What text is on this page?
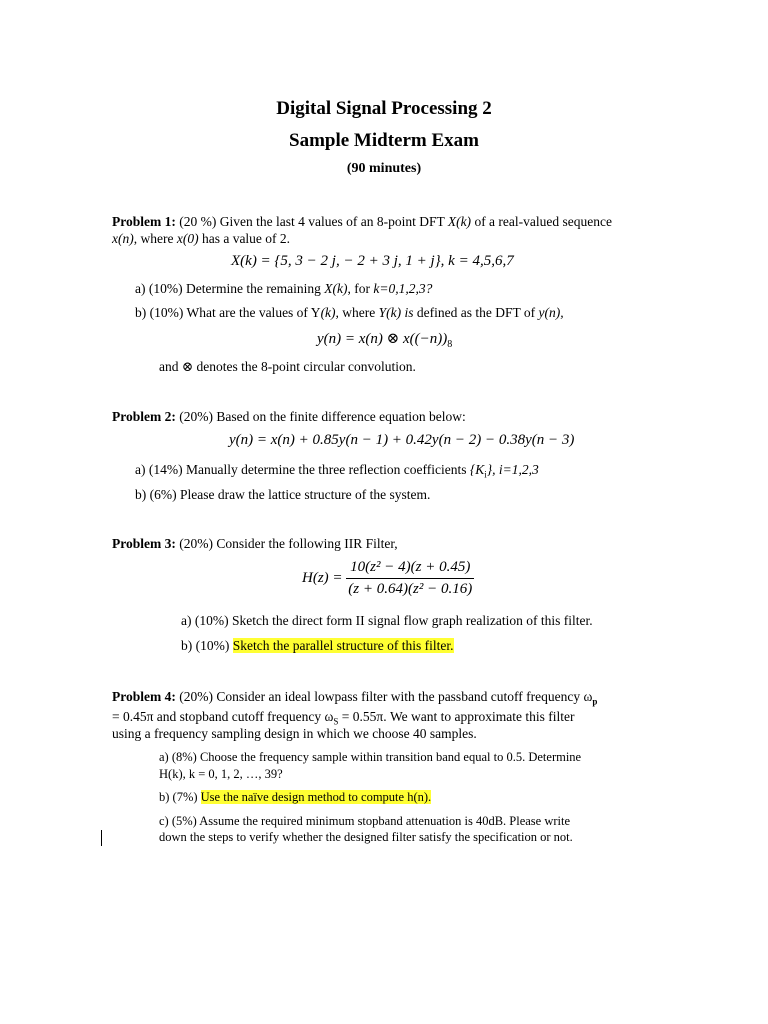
Digital Signal Processing 2
Sample Midterm Exam
(90 minutes)
Problem 1: (20 %) Given the last 4 values of an 8-point DFT X(k) of a real-valued sequence
x(n), where x(0) has a value of 2.
X(k) = {5, 3 − 2 j, − 2 + 3 j, 1 + j}, k = 4,5,6,7
a) (10%) Determine the remaining X(k), for k=0,1,2,3?
b) (10%) What are the values of Y(k), where Y(k) is defined as the DFT of y(n),
y(n) = x(n) ⊗ $x((-n))_8$
and ⊗ denotes the 8-point circular convolution.
Problem 2: (20%) Based on the finite difference equation below:
y(n) = x(n) + 0.85y(n − 1) + 0.42y(n − 2) − 0.38y(n − 3)
a) (14%) Manually determine the three reflection coefficients $\{K_i\}$, i=1,2,3
b) (6%) Please draw the lattice structure of the system.
Problem 3: (20%) Consider the following IIR Filter,
$H(z) = \frac{\text{10(z² − 4)(z + 0.45)}}{\text{(z + 0.64)(z² − 0.16)}}$
a) (10%) Sketch the direct form II signal flow graph realization of this filter.
b) (10%) Sketch the parallel structure of this filter.
Problem 4: (20%) Consider an ideal lowpass filter with the passband cutoff frequency $\omega_p$
= 0.45π and stopband cutoff frequency $\omega_S = 0.55\pi$. We want to approximate this filter
using a frequency sampling design in which we choose 40 samples.
a) (8%) Choose the frequency sample within transition band equal to 0.5. Determine
H(k), k = 0, 1, 2, …, 39?
b) (7%) Use the naïve design method to compute h(n).
c) (5%) Assume the required minimum stopband attenuation is 40dB. Please write
down the steps to verify whether the designed filter satisfy the specification or not.
